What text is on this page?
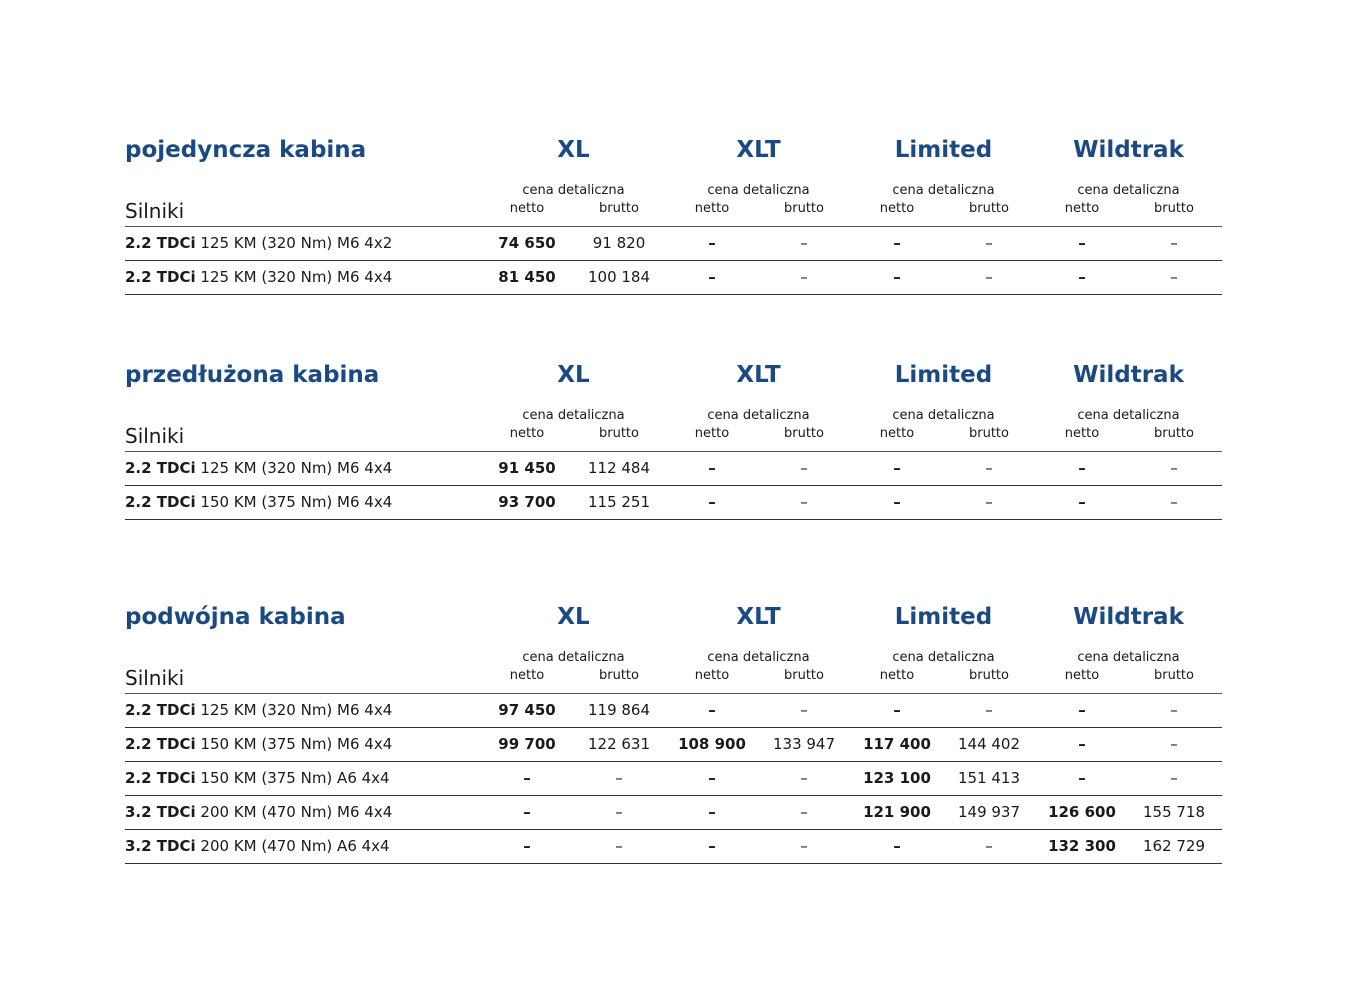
pojedyncza kabina
Silniki
XL	XLT	Limited	Wildtrak
cena detaliczna	cena detaliczna	cena detaliczna	cena detaliczna
netto	brutto	netto	brutto	netto	brutto	netto	brutto
2.2 TDCi 125 KM (320 Nm) M6 4x2	74 650	91 820	–	–	–	–	–	–
2.2 TDCi 125 KM (320 Nm) M6 4x4	81 450	100 184	–	–	–	–	–	–
przedłużona kabina
Silniki
XL	XLT	Limited	Wildtrak
cena detaliczna	cena detaliczna	cena detaliczna	cena detaliczna
netto	brutto	netto	brutto	netto	brutto	netto	brutto
2.2 TDCi 125 KM (320 Nm) M6 4x4	91 450	112 484	–	–	–	–	–	–
2.2 TDCi 150 KM (375 Nm) M6 4x4	93 700	115 251	–	–	–	–	–	–
podwójna kabina
Silniki
XL	XLT	Limited	Wildtrak
cena detaliczna	cena detaliczna	cena detaliczna	cena detaliczna
netto	brutto	netto	brutto	netto	brutto	netto	brutto
2.2 TDCi 125 KM (320 Nm) M6 4x4	97 450	119 864	–	–	–	–	–	–
2.2 TDCi 150 KM (375 Nm) M6 4x4	99 700	122 631	108 900	133 947	117 400	144 402	–	–
2.2 TDCi 150 KM (375 Nm) A6 4x4	–	–	–	–	123 100	151 413	–	–
3.2 TDCi 200 KM (470 Nm) M6 4x4	–	–	–	–	121 900	149 937	126 600	155 718
3.2 TDCi 200 KM (470 Nm) A6 4x4	–	–	–	–	–	–	132 300	162 729
